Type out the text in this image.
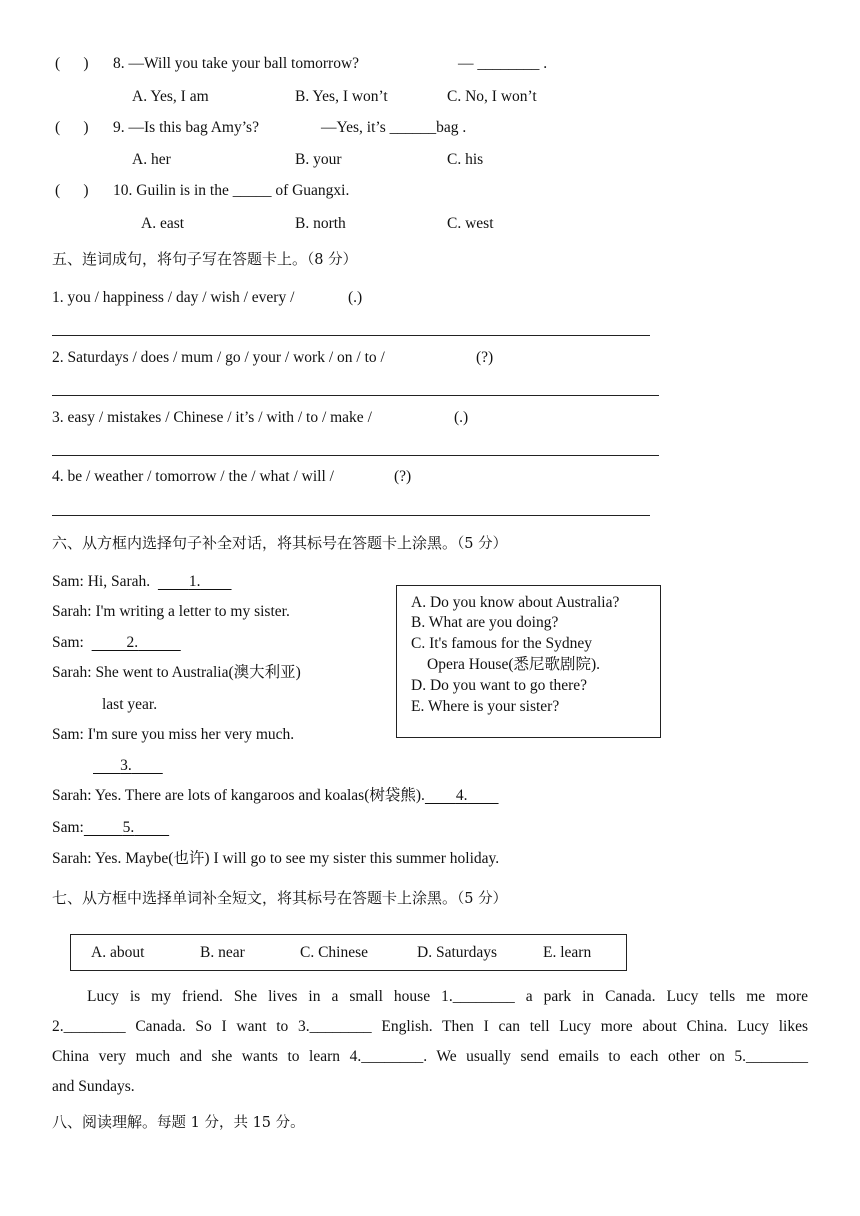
(      ) 8. —Will you take your ball tomorrow?	— ________ .
A. Yes, I am	B. Yes, I won’t	C. No, I won’t
(      ) 9. —Is this bag Amy’s?	—Yes, it’s ______bag .
A. her	B. your	C. his
(      ) 10. Guilin is in the _____ of Guangxi.
A. east	B. north	C. west
五、连词成句，将句子写在答题卡上。（8 分）
1. you / happiness / day / wish / every /	(.)
2. Saturdays / does / mum / go / your / work / on / to /	(?)
3. easy / mistakes / Chinese / it’s / with / to / make /	(.)
4. be / weather / tomorrow / the / what / will /	(?)
六、从方框内选择句子补全对话，将其标号在答题卡上涂黑。（5 分）
Sam: Hi, Sarah.	1.
Sarah: I'm writing a letter to my sister.
Sam:	2.
Sarah: She went to Australia(澳大利亚)
last year.
Sam: I'm sure you miss her very much.
3.
Sarah: Yes. There are lots of kangaroos and koalas(树袋熊). 4.
Sam:	5.
Sarah: Yes. Maybe(也许) I will go to see my sister this summer holiday.
A. Do you know about Australia?
B. What are you doing?
C. It's famous for the Sydney
Opera House(悉尼歌剧院).
D. Do you want to go there?
E. Where is your sister?
七、从方框中选择单词补全短文，将其标号在答题卡上涂黑。（5 分）
A. about	B. near	C. Chinese	D. Saturdays	E. learn
Lucy is my friend. She lives in a small house 1.________ a park in Canada. Lucy tells me more
2.________ Canada. So I want to 3.________ English. Then I can tell Lucy more about China. Lucy likes
China very much and she wants to learn 4.________. We usually send emails to each other on 5.________
and Sundays.
八、阅读理解。每题 1 分，共 15 分。
